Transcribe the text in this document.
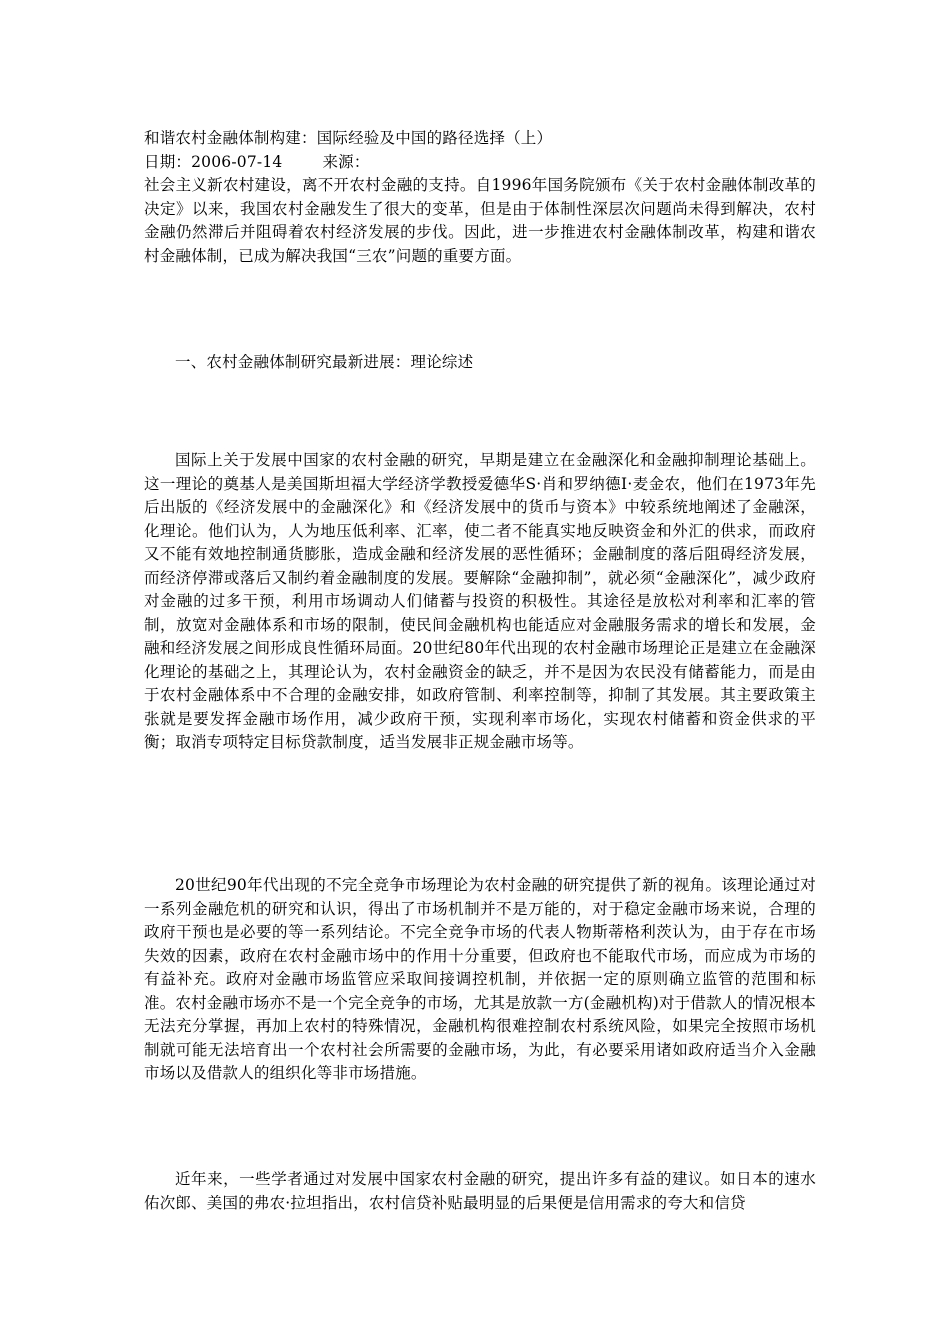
和谐农村金融体制构建：国际经验及中国的路径选择（上）
日期：2006-07-14	来源：
社会主义新农村建设，离不开农村金融的支持。自1996年国务院颁布《关于农村金融体制改革的决定》以来，我国农村金融发生了很大的变革，但是由于体制性深层次问题尚未得到解决，农村金融仍然滞后并阻碍着农村经济发展的步伐。因此，进一步推进农村金融体制改革，构建和谐农村金融体制，已成为解决我国“三农”问题的重要方面。
一、农村金融体制研究最新进展：理论综述
国际上关于发展中国家的农村金融的研究，早期是建立在金融深化和金融抑制理论基础上。这一理论的奠基人是美国斯坦福大学经济学教授爱德华S·肖和罗纳德I·麦金农，他们在1973年先后出版的《经济发展中的金融深化》和《经济发展中的货币与资本》中较系统地阐述了金融深，化理论。他们认为，人为地压低利率、汇率，使二者不能真实地反映资金和外汇的供求，而政府又不能有效地控制通货膨胀，造成金融和经济发展的恶性循环；金融制度的落后阻碍经济发展，而经济停滞或落后又制约着金融制度的发展。要解除“金融抑制”，就必须“金融深化”，减少政府对金融的过多干预，利用市场调动人们储蓄与投资的积极性。其途径是放松对利率和汇率的管制，放宽对金融体系和市场的限制，使民间金融机构也能适应对金融服务需求的增长和发展，金融和经济发展之间形成良性循环局面。20世纪80年代出现的农村金融市场理论正是建立在金融深化理论的基础之上，其理论认为，农村金融资金的缺乏，并不是因为农民没有储蓄能力，而是由于农村金融体系中不合理的金融安排，如政府管制、利率控制等，抑制了其发展。其主要政策主张就是要发挥金融市场作用，减少政府干预，实现利率市场化，实现农村储蓄和资金供求的平衡；取消专项特定目标贷款制度，适当发展非正规金融市场等。
20世纪90年代出现的不完全竞争市场理论为农村金融的研究提供了新的视角。该理论通过对一系列金融危机的研究和认识，得出了市场机制并不是万能的，对于稳定金融市场来说，合理的政府干预也是必要的等一系列结论。不完全竞争市场的代表人物斯蒂格利茨认为，由于存在市场失效的因素，政府在农村金融市场中的作用十分重要，但政府也不能取代市场，而应成为市场的有益补充。政府对金融市场监管应采取间接调控机制，并依据一定的原则确立监管的范围和标准。农村金融市场亦不是一个完全竞争的市场，尤其是放款一方(金融机构)对于借款人的情况根本无法充分掌握，再加上农村的特殊情况，金融机构很难控制农村系统风险，如果完全按照市场机制就可能无法培育出一个农村社会所需要的金融市场，为此，有必要采用诸如政府适当介入金融市场以及借款人的组织化等非市场措施。
近年来，一些学者通过对发展中国家农村金融的研究，提出许多有益的建议。如日本的速水佑次郎、美国的弗农·拉坦指出，农村信贷补贴最明显的后果便是信用需求的夸大和信贷
